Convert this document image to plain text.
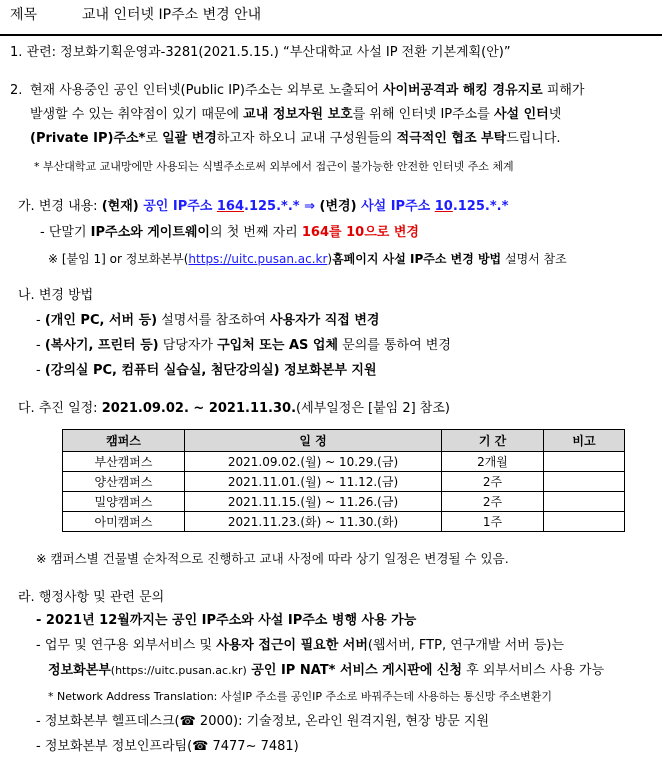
제목	교내 인터넷 IP주소 변경 안내
1. 관련: 정보화기획운영과-3281(2021.5.15.) “부산대학교 사설 IP 전환 기본계획(안)”
2. 현재 사용중인 공인 인터넷(Public IP)주소는 외부로 노출되어 사이버공격과 해킹 경유지로 피해가
발생할 수 있는 취약점이 있기 때문에 교내 정보자원 보호를 위해 인터넷 IP주소를 사설 인터넷
(Private IP)주소*로 일괄 변경하고자 하오니 교내 구성원들의 적극적인 협조 부탁드립니다.
* 부산대학교 교내망에만 사용되는 식별주소로써 외부에서 접근이 불가능한 안전한 인터넷 주소 체계
가. 변경 내용: (현재) 공인 IP주소 164.125.*.* ⇒ (변경) 사설 IP주소 10.125.*.*
- 단말기 IP주소와 게이트웨이의 첫 번째 자리 164를 10으로 변경
※ [붙임 1] or 정보화본부(https://uitc.pusan.ac.kr)홈페이지 사설 IP주소 변경 방법 설명서 참조
나. 변경 방법
- (개인 PC, 서버 등) 설명서를 참조하여 사용자가 직접 변경
- (복사기, 프린터 등) 담당자가 구입처 또는 AS 업체 문의를 통하여 변경
- (강의실 PC, 컴퓨터 실습실, 첨단강의실) 정보화본부 지원
다. 추진 일정: 2021.09.02. ~ 2021.11.30.(세부일정은 [붙임 2] 참조)
캠퍼스	일 정	기 간	비고
부산캠퍼스	2021.09.02.(월) ~ 10.29.(금)	2개월	
양산캠퍼스	2021.11.01.(월) ~ 11.12.(금)	2주	
밀양캠퍼스	2021.11.15.(월) ~ 11.26.(금)	2주	
아미캠퍼스	2021.11.23.(화) ~ 11.30.(화)	1주	
※ 캠퍼스별 건물별 순차적으로 진행하고 교내 사정에 따라 상기 일정은 변경될 수 있음.
라. 행정사항 및 관련 문의
- 2021년 12월까지는 공인 IP주소와 사설 IP주소 병행 사용 가능
- 업무 및 연구용 외부서비스 및 사용자 접근이 필요한 서버(웹서버, FTP, 연구개발 서버 등)는
정보화본부(https://uitc.pusan.ac.kr) 공인 IP NAT* 서비스 게시판에 신청 후 외부서비스 사용 가능
* Network Address Translation: 사설IP 주소를 공인IP 주소로 바꿔주는데 사용하는 통신망 주소변환기
- 정보화본부 헬프데스크(☎ 2000): 기술정보, 온라인 원격지원, 현장 방문 지원
- 정보화본부 정보인프라팀(☎ 7477~ 7481)
